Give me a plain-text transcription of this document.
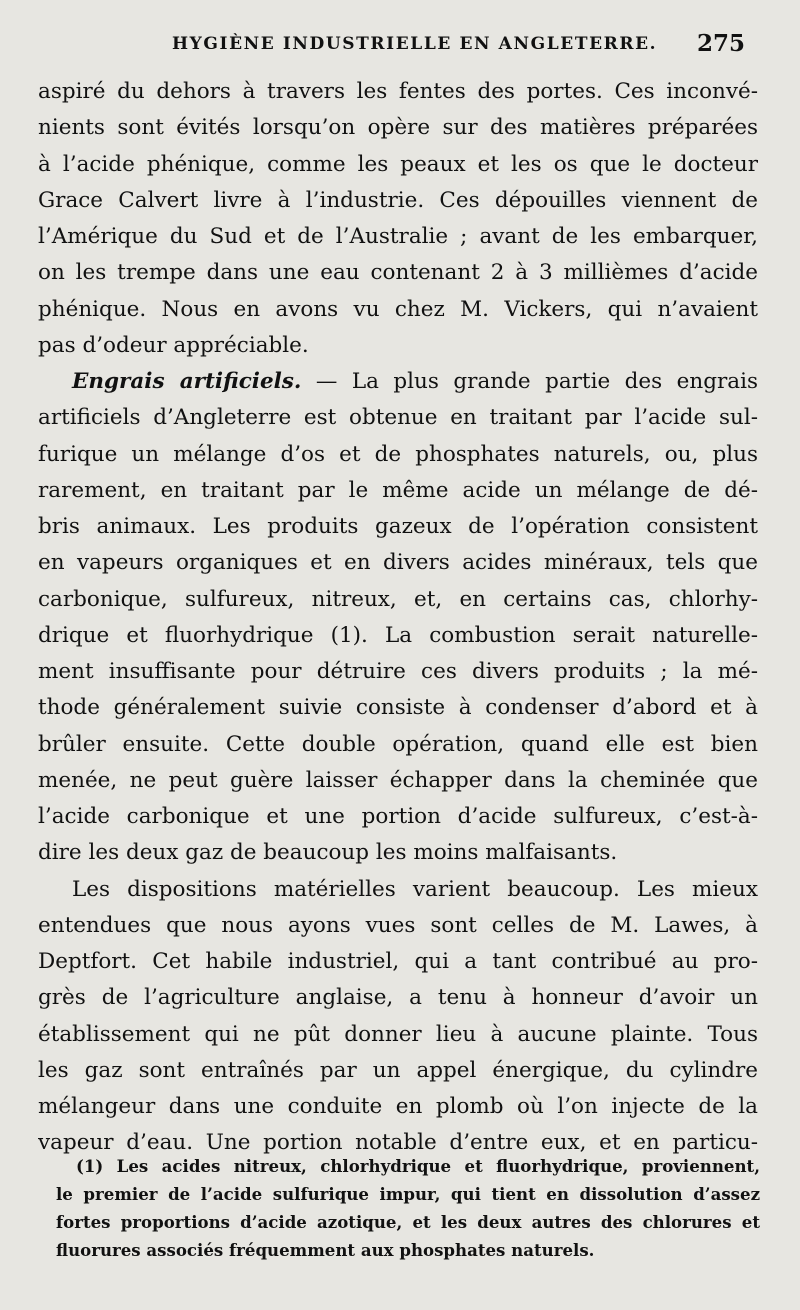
HYGIÈNE INDUSTRIELLE EN ANGLETERRE. 275
aspiré du dehors à travers les fentes des portes. Ces inconvé-
nients sont évités lorsqu’on opère sur des matières préparées
à l’acide phénique, comme les peaux et les os que le docteur
Grace Calvert livre à l’industrie. Ces dépouilles viennent de
l’Amérique du Sud et de l’Australie ; avant de les embarquer,
on les trempe dans une eau contenant 2 à 3 millièmes d’acide
phénique. Nous en avons vu chez M. Vickers, qui n’avaient
pas d’odeur appréciable.
Engrais artificiels. — La plus grande partie des engrais
artificiels d’Angleterre est obtenue en traitant par l’acide sul-
furique un mélange d’os et de phosphates naturels, ou, plus
rarement, en traitant par le même acide un mélange de dé-
bris animaux. Les produits gazeux de l’opération consistent
en vapeurs organiques et en divers acides minéraux, tels que
carbonique, sulfureux, nitreux, et, en certains cas, chlorhy-
drique et fluorhydrique (1). La combustion serait naturelle-
ment insuffisante pour détruire ces divers produits ; la mé-
thode généralement suivie consiste à condenser d’abord et à
brûler ensuite. Cette double opération, quand elle est bien
menée, ne peut guère laisser échapper dans la cheminée que
l’acide carbonique et une portion d’acide sulfureux, c’est-à-
dire les deux gaz de beaucoup les moins malfaisants.
Les dispositions matérielles varient beaucoup. Les mieux
entendues que nous ayons vues sont celles de M. Lawes, à
Deptfort. Cet habile industriel, qui a tant contribué au pro-
grès de l’agriculture anglaise, a tenu à honneur d’avoir un
établissement qui ne pût donner lieu à aucune plainte. Tous
les gaz sont entraînés par un appel énergique, du cylindre
mélangeur dans une conduite en plomb où l’on injecte de la
vapeur d’eau. Une portion notable d’entre eux, et en particu-
(1) Les acides nitreux, chlorhydrique et fluorhydrique, proviennent,
le premier de l’acide sulfurique impur, qui tient en dissolution d’assez
fortes proportions d’acide azotique, et les deux autres des chlorures et
fluorures associés fréquemment aux phosphates naturels.
